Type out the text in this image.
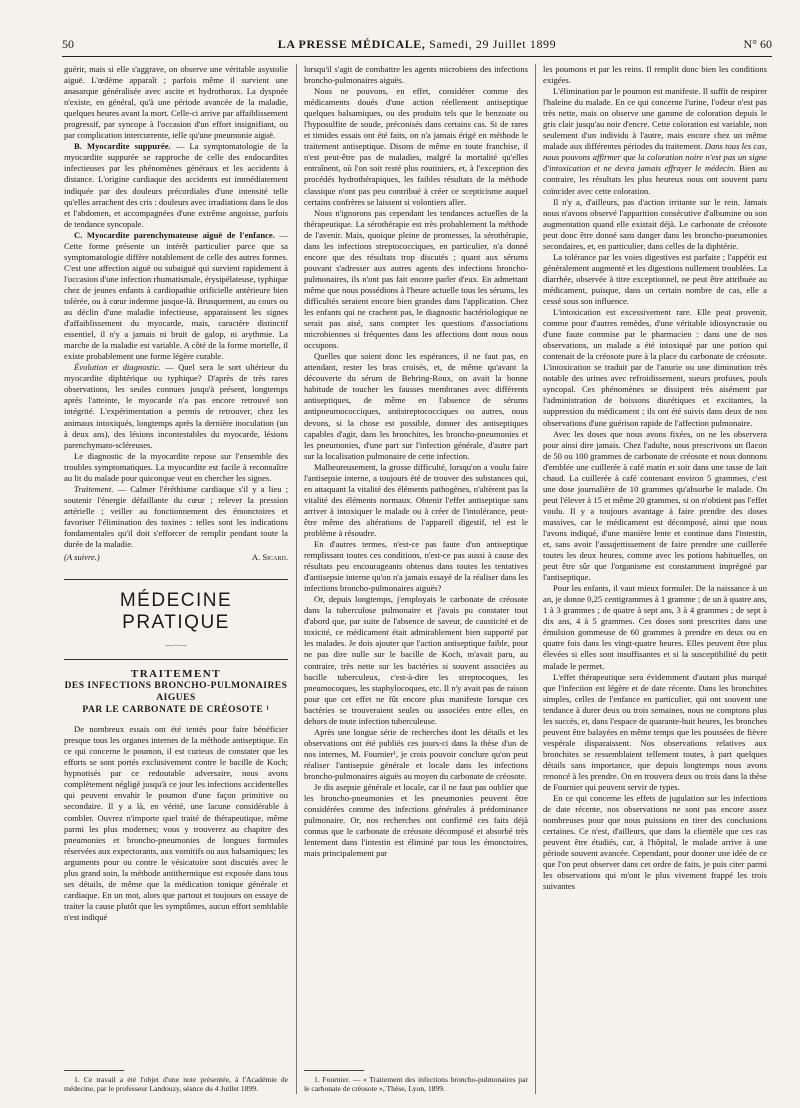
50	LA PRESSE MÉDICALE, Samedi, 29 Juillet 1899	N° 60

guérir, mais si elle s'aggrave, on observe une véritable asystolie aiguë. L'œdème apparaît ; parfois même il survient une anasarque généralisée avec ascite et hydrothorax. La dyspnée n'existe, en général, qu'à une période avancée de la maladie, quelques heures avant la mort. Celle-ci arrive par affaiblissement progressif, par syncope à l'occasion d'un effort insignifiant, ou par complication intercurrente, telle qu'une pneumonie aiguë.

B. Myocardite suppurée. — La symptomatologie de la myocardite suppurée se rapproche de celle des endocardites infectieuses par les phénomènes généraux et les accidents à distance. L'origine cardiaque des accidents est immédiatement indiquée par des douleurs précordiales d'une intensité telle qu'elles arrachent des cris : douleurs avec irradiations dans le dos et l'abdomen, et accompagnées d'une extrême angoisse, parfois de tendance syncopale.

C. Myocardite parenchymateuse aiguë de l'enfance. — Cette forme présente un intérêt particulier parce que sa symptomatologie diffère notablement de celle des autres formes. C'est une affection aiguë ou subaiguë qui survient rapidement à l'occasion d'une infection rhumatismale, érysipélateuse, typhique chez de jeunes enfants à cardiopathie orificielle antérieure bien tolérée, ou à cœur indemne jusque-là. Brusquement, au cours ou au déclin d'une maladie infectieuse, apparaissent les signes d'affaiblissement du myocarde, mais, caractère distinctif essentiel, il n'y a jamais ni bruit de galop, ni arythmie. La marche de la maladie est variable. A côté de la forme mortelle, il existe probablement une forme légère curable.

Évolution et diagnostic. — Quel sera le sort ultérieur du myocardite diphtérique ou typhique? D'après de très rares observations, les seules connues jusqu'à présent, longtemps après l'atteinte, le myocarde n'a pas encore retrouvé son intégrité. L'expérimentation a permis de retrouver, chez les animaux intoxiqués, longtemps après la dernière inoculation (un à deux ans), des lésions incontestables du myocarde, lésions parenchymato-scléreuses.

Le diagnostic de la myocardite repose sur l'ensemble des troubles symptomatiques. La myocardite est facile à reconnaître au lit du malade pour quiconque veut en chercher les signes.

Traitement. — Calmer l'éréthisme cardiaque s'il y a lieu ; soutenir l'énergie défaillante du cœur ; relever la pression artérielle ; veiller au fonctionnement des émonctoires et favoriser l'élimination des toxines : telles sont les indications fondamentales qu'il doit s'efforcer de remplir pendant toute la durée de la maladie.

(A suivre.)	A. Sicard.
MÉDECINE PRATIQUE
—·—
TRAITEMENT
DES INFECTIONS BRONCHO-PULMONAIRES
AIGUES
PAR LE CARBONATE DE CRÉOSOTE ¹

De nombreux essais ont été tentés pour faire bénéficier presque tous les organes internes de la méthode antiseptique. En ce qui concerne le poumon, il est curieux de constater que les efforts se sont portés exclusivement contre le bacille de Koch; hypnotisés par ce redoutable adversaire, nous avons complètement négligé jusqu'à ce jour les infections accidentelles qui peuvent envahir le poumon d'une façon primitive ou secondaire. Il y a là, en vérité, une lacune considérable à combler. Ouvrez n'importe quel traité de thérapeutique, même parmi les plus modernes; vous y trouverez au chapitre des pneumonies et broncho-pneumonies de longues formules réservées aux expectorants, aux vomitifs ou aux balsamiques; les arguments pour ou contre le vésicatoire sont discutés avec le plus grand soin, la méthode antithermique est exposée dans tous ses détails, de même que la médication tonique générale et cardiaque. En un mot, alors que partout et toujours on essaye de traiter la cause plutôt que les symptômes, aucun effort semblable n'est indiqué

1. Ce travail a été l'objet d'une note présentée, à l'Académie de médecine, par le professeur Landouzy, séance du 4 Juillet 1899.

lorsqu'il s'agit de combattre les agents microbiens des infections broncho-pulmonaires aiguës.

Nous ne pouvons, en effet, considérer comme des médicaments doués d'une action réellement antiseptique quelques balsamiques, ou des produits tels que le benzoate ou l'hyposulfite de soude, préconisés dans certains cas. Si de rares et timides essais ont été faits, on n'a jamais érigé en méthode le traitement antiseptique. Disons de même en toute franchise, il n'est peut-être pas de maladies, malgré la mortalité qu'elles entraînent, où l'on soit resté plus routiniers, et, à l'exception des procédés hydrothérapiques, les faibles résultats de la méthode classique n'ont pas peu contribué à créer ce scepticisme auquel certains confrères se laissent si volontiers aller.

Nous n'ignorons pas cependant les tendances actuelles de la thérapeutique. La sérothérapie est très probablement la méthode de l'avenir. Mais, quoique pleine de promesses, la sérothérapie, dans les infections streptococciques, en particulier, n'a donné encore que des résultats trop discutés ; quant aux sérums pouvant s'adresser aux autres agents des infections broncho-pulmonaires, ils n'ont pas fait encore parler d'eux. En admettant même que nous possédions à l'heure actuelle tous les sérums, les difficultés seraient encore bien grandes dans l'application. Chez les enfants qui ne crachent pas, le diagnostic bactériologique ne serait pas aisé, sans compter les questions d'associations microbiennes si fréquentes dans les affections dont nous nous occupons.

Quelles que soient donc les espérances, il ne faut pas, en attendant, rester les bras croisés, et, de même qu'avant la découverte du sérum de Behring-Roux, on avait la bonne habitude de toucher les fausses membranes avec différents antiseptiques, de même en l'absence de sérums antipneumococciques, antistreptococciques ou autres, nous devons, si la chose est possible, donner des antiseptiques capables d'agir, dans les bronchites, les broncho-pneumonies et les pneumonies, d'une part sur l'infection générale, d'autre part sur la localisation pulmonaire de cette infection.

Malheureusement, la grosse difficulté, lorsqu'on a voulu faire l'antisepsie interne, a toujours été de trouver des substances qui, en attaquant la vitalité des éléments pathogènes, n'altèrent pas la vitalité des éléments normaux. Obtenir l'effet antiseptique sans arriver à intoxiquer le malade ou à créer de l'intolérance, peut-être même des altérations de l'appareil digestif, tel est le problème à résoudre.

En d'autres termes, n'est-ce pas faute d'un antiseptique remplissant toutes ces conditions, n'est-ce pas aussi à cause des résultats peu encourageants obtenus dans toutes les tentatives d'antisepsie interne qu'on n'a jamais essayé de la réaliser dans les infections broncho-pulmonaires aiguës?

Or, depuis longtemps, j'employais le carbonate de créosote dans la tuberculose pulmonaire et j'avais pu constater tout d'abord que, par suite de l'absence de saveur, de causticité et de toxicité, ce médicament était admirablement bien supporté par les malades. Je dois ajouter que l'action antiseptique faible, pour ne pas dire nulle sur le bacille de Koch, m'avait paru, au contraire, très nette sur les bactéries si souvent associées au bacille tuberculeux, c'est-à-dire les streptocoques, les pneumocoques, les staphylocoques, etc. Il n'y avait pas de raison pour que cet effet ne fût encore plus manifeste lorsque ces bactéries se trouveraient seules ou associées entre elles, en dehors de toute infection tuberculeuse.

Après une longue série de recherches dont les détails et les observations ont été publiés ces jours-ci dans la thèse d'un de nos internes, M. Fournier¹, je crois pouvoir conclure qu'on peut réaliser l'antisepsie générale et locale dans les infections broncho-pulmonaires aiguës au moyen du carbonate de créosote.

Je dis asepsie générale et locale, car il ne faut pas oublier que les broncho-pneumonies et les pneumonies peuvent être considérées comme des infections générales à prédominance pulmonaire. Or, nos recherches ont confirmé ces faits déjà connus que le carbonate de créosote décomposé et absorbé très lentement dans l'intestin est éliminé par tous les émonctoires, mais principalement par

1. Fournier. — « Traitement des infections broncho-pulmonaires par le carbonate de créosote », Thèse, Lyon, 1899.

les poumons et par les reins. Il remplit donc bien les conditions exigées.

L'élimination par le poumon est manifeste. Il suffit de respirer l'haleine du malade. En ce qui concerne l'urine, l'odeur n'est pas très nette, mais on observe une gamme de coloration depuis le gris clair jusqu'au noir d'encre. Cette coloration est variable, non seulement d'un individu à l'autre, mais encore chez un même malade aux différentes périodes du traitement. Dans tous les cas, nous pouvons affirmer que la coloration noire n'est pas un signe d'intoxication et ne devra jamais effrayer le médecin. Bien au contraire, les résultats les plus heureux nous ont souvent paru coïncider avec cette coloration.

Il n'y a, d'ailleurs, pas d'action irritante sur le rein. Jamais nous n'avons observé l'apparition consécutive d'albumine ou son augmentation quand elle existait déjà. Le carbonate de créosote peut donc être donné sans danger dans les broncho-pneumonies secondaires, et, en particulier, dans celles de la diphtérie.

La tolérance par les voies digestives est parfaite ; l'appétit est généralement augmenté et les digestions nullement troublées. La diarrhée, observée à titre exceptionnel, ne peut être attribuée au médicament, puisque, dans un certain nombre de cas, elle a cessé sous son influence.

L'intoxication est excessivement rare. Elle peut provenir, comme pour d'autres remèdes, d'une véritable idiosyncrasie ou d'une faute commise par le pharmacien : dans une de nos observations, un malade a été intoxiqué par une potion qui contenait de la créosote pure à la place du carbonate de créosote. L'intoxication se traduit par de l'anurie ou une diminution très notable des urines avec refroidissement, sueurs profuses, pouls syncopal. Ces phénomènes se dissipent très aisément par l'administration de boissons diurétiques et excitantes, la suppression du médicament ; ils ont été suivis dans deux de nos observations d'une guérison rapide de l'affection pulmonaire.

Avec les doses que nous avons fixées, on ne les observera pour ainsi dire jamais. Chez l'adulte, nous prescrivons un flacon de 50 ou 100 grammes de carbonate de créosote et nous donnons d'emblée une cuillerée à café matin et soir dans une tasse de lait chaud. La cuillerée à café contenant environ 5 grammes, c'est une dose journalière de 10 grammes qu'absorbe le malade. On peut l'élever à 15 et même 20 grammes, si on n'obtient pas l'effet voulu. Il y a toujours avantage à faire prendre des doses massives, car le médicament est décomposé, ainsi que nous l'avons indiqué, d'une manière lente et continue dans l'intestin, et, sans avoir l'assujettissement de faire prendre une cuillerée toutes les deux heures, comme avec les potions habituelles, on peut être sûr que l'organisme est constamment imprégné par l'antiseptique.

Pour les enfants, il vaut mieux formuler. De la naissance à un an, je donne 0,25 centigrammes à 1 gramme ; de un à quatre ans, 1 à 3 grammes ; de quatre à sept ans, 3 à 4 grammes ; de sept à dix ans, 4 à 5 grammes. Ces doses sont prescrites dans une émulsion gommeuse de 60 grammes à prendre en deux ou en quatre fois dans les vingt-quatre heures. Elles peuvent être plus élevées si elles sont insuffisantes et si la susceptibilité du petit malade le permet.

L'effet thérapeutique sera évidemment d'autant plus marqué que l'infection est légère et de date récente. Dans les bronchites simples, celles de l'enfance en particulier, qui ont souvent une tendance à durer deux ou trois semaines, nous ne comptons plus les succès, et, dans l'espace de quarante-huit heures, les bronches peuvent être balayées en même temps que les poussées de fièvre vespérale disparaissent. Nos observations relatives aux bronchites se ressemblaient tellement toutes, à part quelques détails sans importance, que depuis longtemps nous avons renoncé à les prendre. On en trouvera deux ou trois dans la thèse de Fournier qui peuvent servir de types.

En ce qui concerne les effets de jugulation sur les infections de date récente, nos observations ne sont pas encore assez nombreuses pour que nous puissions en tirer des conclusions certaines. Ce n'est, d'ailleurs, que dans la clientèle que ces cas peuvent être étudiés, car, à l'hôpital, le malade arrive à une période souvent avancée. Cependant, pour donner une idée de ce que l'on peut observer dans cet ordre de faits, je puis citer parmi les observations qui m'ont le plus vivement frappé les trois suivantes
